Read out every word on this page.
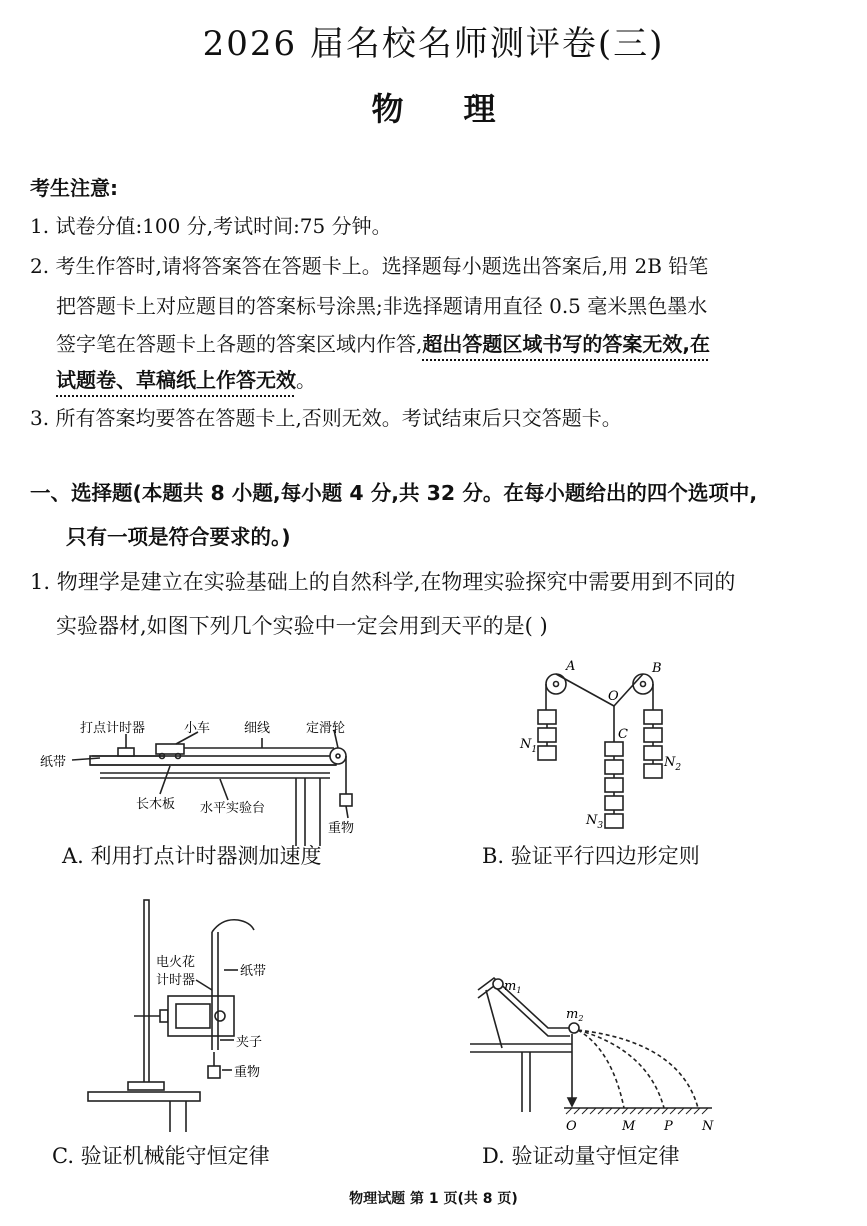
2026 届名校名师测评卷(三)
物理
考生注意:
1. 试卷分值:100 分,考试时间:75 分钟。
2. 考生作答时,请将答案答在答题卡上。选择题每小题选出答案后,用 2B 铅笔
把答题卡上对应题目的答案标号涂黑;非选择题请用直径 0.5 毫米黑色墨水
签字笔在答题卡上各题的答案区域内作答,超出答题区域书写的答案无效,在
试题卷、草稿纸上作答无效。
3. 所有答案均要答在答题卡上,否则无效。考试结束后只交答题卡。
一、选择题(本题共 8 小题,每小题 4 分,共 32 分。在每小题给出的四个选项中,
只有一项是符合要求的。)
1. 物理学是建立在实验基础上的自然科学,在物理实验探究中需要用到不同的
实验器材,如图下列几个实验中一定会用到天平的是( )
打点计时器	小车	细线	定滑轮
纸带
长木板 水平实验台
重物
A. 利用打点计时器测加速度
A	B
O
C
$N_1$
$N_2$
$N_3$
B. 验证平行四边形定则
电火花
计时器
纸带
夹子
重物
C. 验证机械能守恒定律
$m_1$
$m_2$
O	M P N
D. 验证动量守恒定律
物理试题 第 1 页(共 8 页)
